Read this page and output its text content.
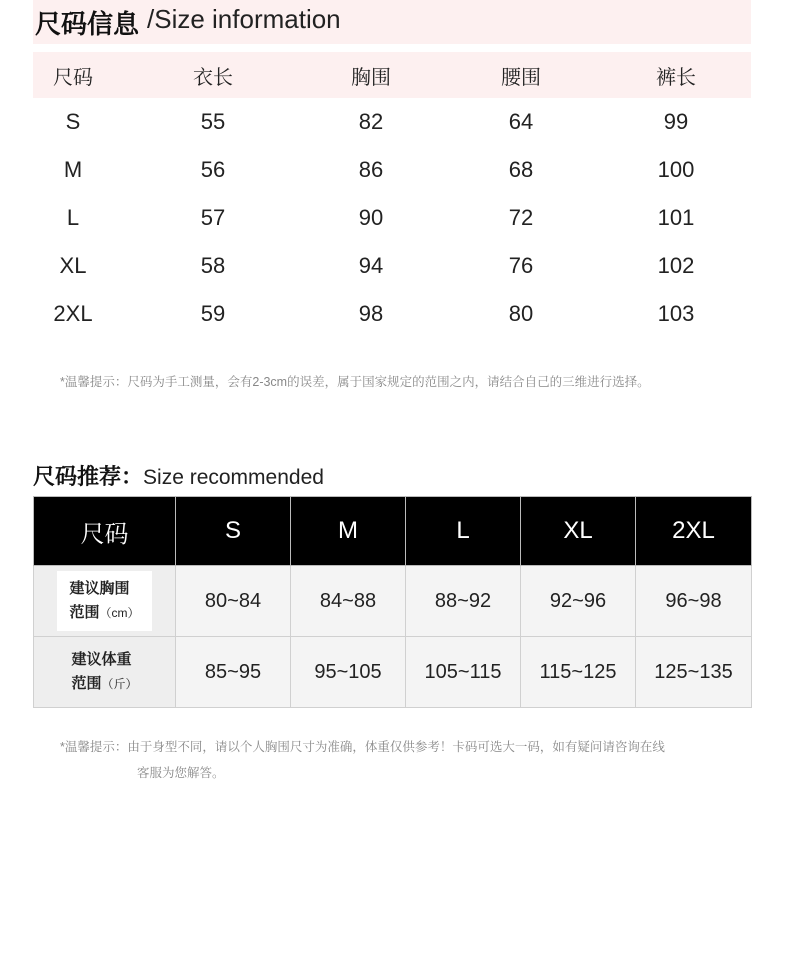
尺码信息 /Size information
尺码	衣长	胸围	腰围	裤长
S	55	82	64	99
M	56	86	68	100
L	57	90	72	101
XL	58	94	76	102
2XL	59	98	80	103
*温馨提示：尺码为手工测量，会有2-3cm的误差，属于国家规定的范围之内，请结合自己的三维进行选择。
尺码推荐：Size recommended
尺码	S	M	L	XL	2XL
建议胸围
范围（cm）	80~84	84~88	88~92	92~96	96~98
建议体重
范围（斤）	85~95	95~105	105~115	115~125	125~135
*温馨提示：由于身型不同，请以个人胸围尺寸为准确，体重仅供参考！卡码可选大一码，如有疑问请咨询在线
客服为您解答。
